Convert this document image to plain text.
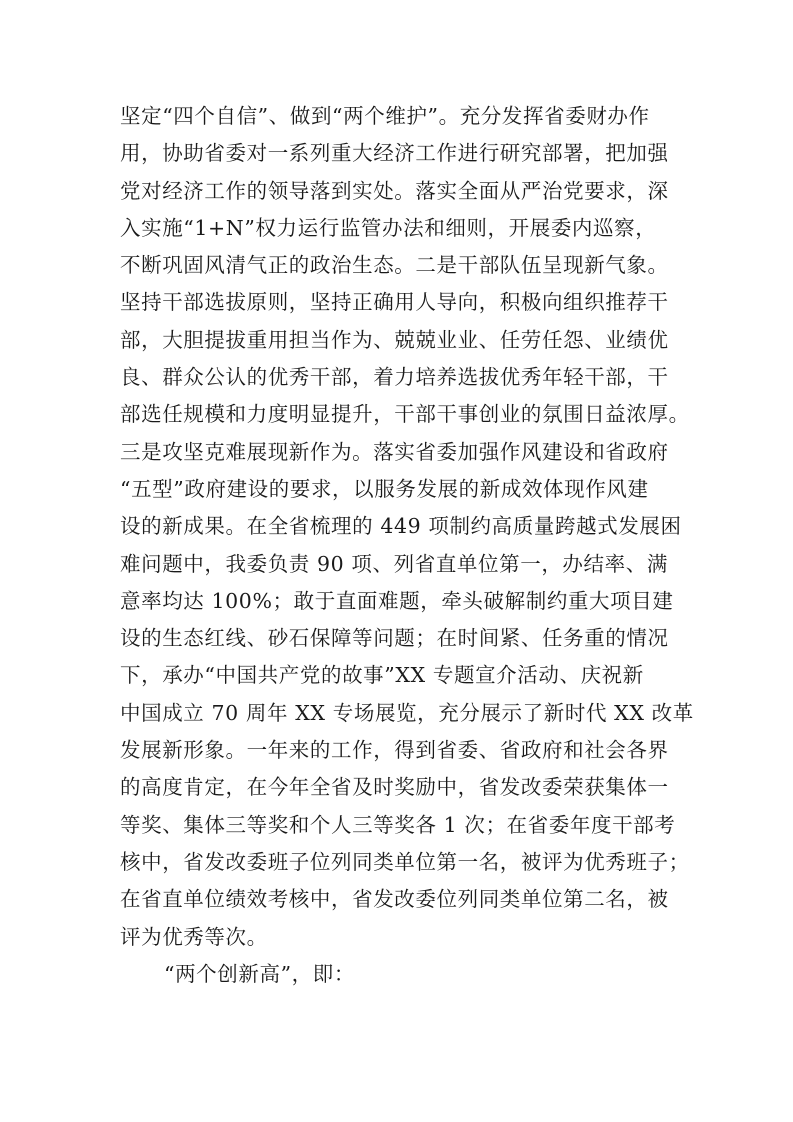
坚定“四个自信”、做到“两个维护”。充分发挥省委财办作
用，协助省委对一系列重大经济工作进行研究部署，把加强
党对经济工作的领导落到实处。落实全面从严治党要求，深
入实施“1+N”权力运行监管办法和细则，开展委内巡察，
不断巩固风清气正的政治生态。二是干部队伍呈现新气象。
坚持干部选拔原则，坚持正确用人导向，积极向组织推荐干
部，大胆提拔重用担当作为、兢兢业业、任劳任怨、业绩优
良、群众公认的优秀干部，着力培养选拔优秀年轻干部，干
部选任规模和力度明显提升，干部干事创业的氛围日益浓厚。
三是攻坚克难展现新作为。落实省委加强作风建设和省政府
“五型”政府建设的要求，以服务发展的新成效体现作风建
设的新成果。在全省梳理的 449 项制约高质量跨越式发展困
难问题中，我委负责 90 项、列省直单位第一，办结率、满
意率均达 100%；敢于直面难题，牵头破解制约重大项目建
设的生态红线、砂石保障等问题；在时间紧、任务重的情况
下，承办“中国共产党的故事”XX 专题宣介活动、庆祝新
中国成立 70 周年 XX 专场展览，充分展示了新时代 XX 改革
发展新形象。一年来的工作，得到省委、省政府和社会各界
的高度肯定，在今年全省及时奖励中，省发改委荣获集体一
等奖、集体三等奖和个人三等奖各 1 次；在省委年度干部考
核中，省发改委班子位列同类单位第一名，被评为优秀班子；
在省直单位绩效考核中，省发改委位列同类单位第二名，被
评为优秀等次。
“两个创新高”，即：
